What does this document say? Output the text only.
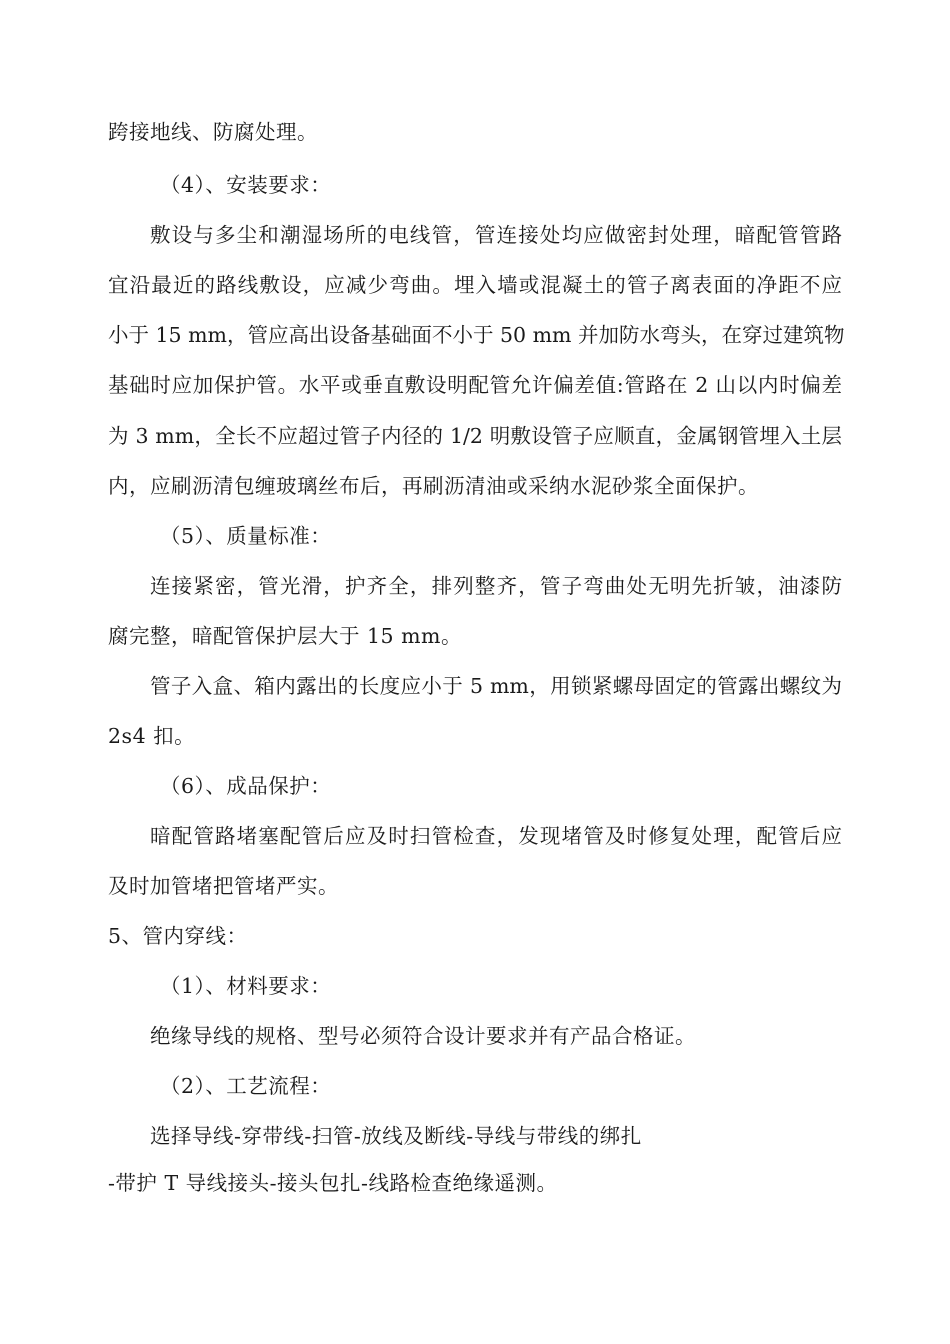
跨接地线、防腐处理。
（4）、安装要求：
敷设与多尘和潮湿场所的电线管，管连接处均应做密封处理，暗配管管路
宜沿最近的路线敷设，应减少弯曲。埋入墙或混凝土的管子离表面的净距不应
小于 15 mm，管应高出设备基础面不小于 50 mm 并加防水弯头，在穿过建筑物
基础时应加保护管。水平或垂直敷设明配管允许偏差值:管路在 2 山以内时偏差
为 3 mm，全长不应超过管子内径的 1/2 明敷设管子应顺直，金属钢管埋入土层
内，应刷沥清包缠玻璃丝布后，再刷沥清油或采纳水泥砂浆全面保护。
（5）、质量标准：
连接紧密，管光滑，护齐全，排列整齐，管子弯曲处无明先折皱，油漆防
腐完整，暗配管保护层大于 15 mm。
管子入盒、箱内露出的长度应小于 5 mm，用锁紧螺母固定的管露出螺纹为
2s4 扣。
（6）、成品保护：
暗配管路堵塞配管后应及时扫管检查，发现堵管及时修复处理，配管后应
及时加管堵把管堵严实。
5、管内穿线：
（1）、材料要求：
绝缘导线的规格、型号必须符合设计要求并有产品合格证。
（2）、工艺流程：
选择导线-穿带线-扫管-放线及断线-导线与带线的绑扎
-带护 T 导线接头-接头包扎-线路检查绝缘遥测。
